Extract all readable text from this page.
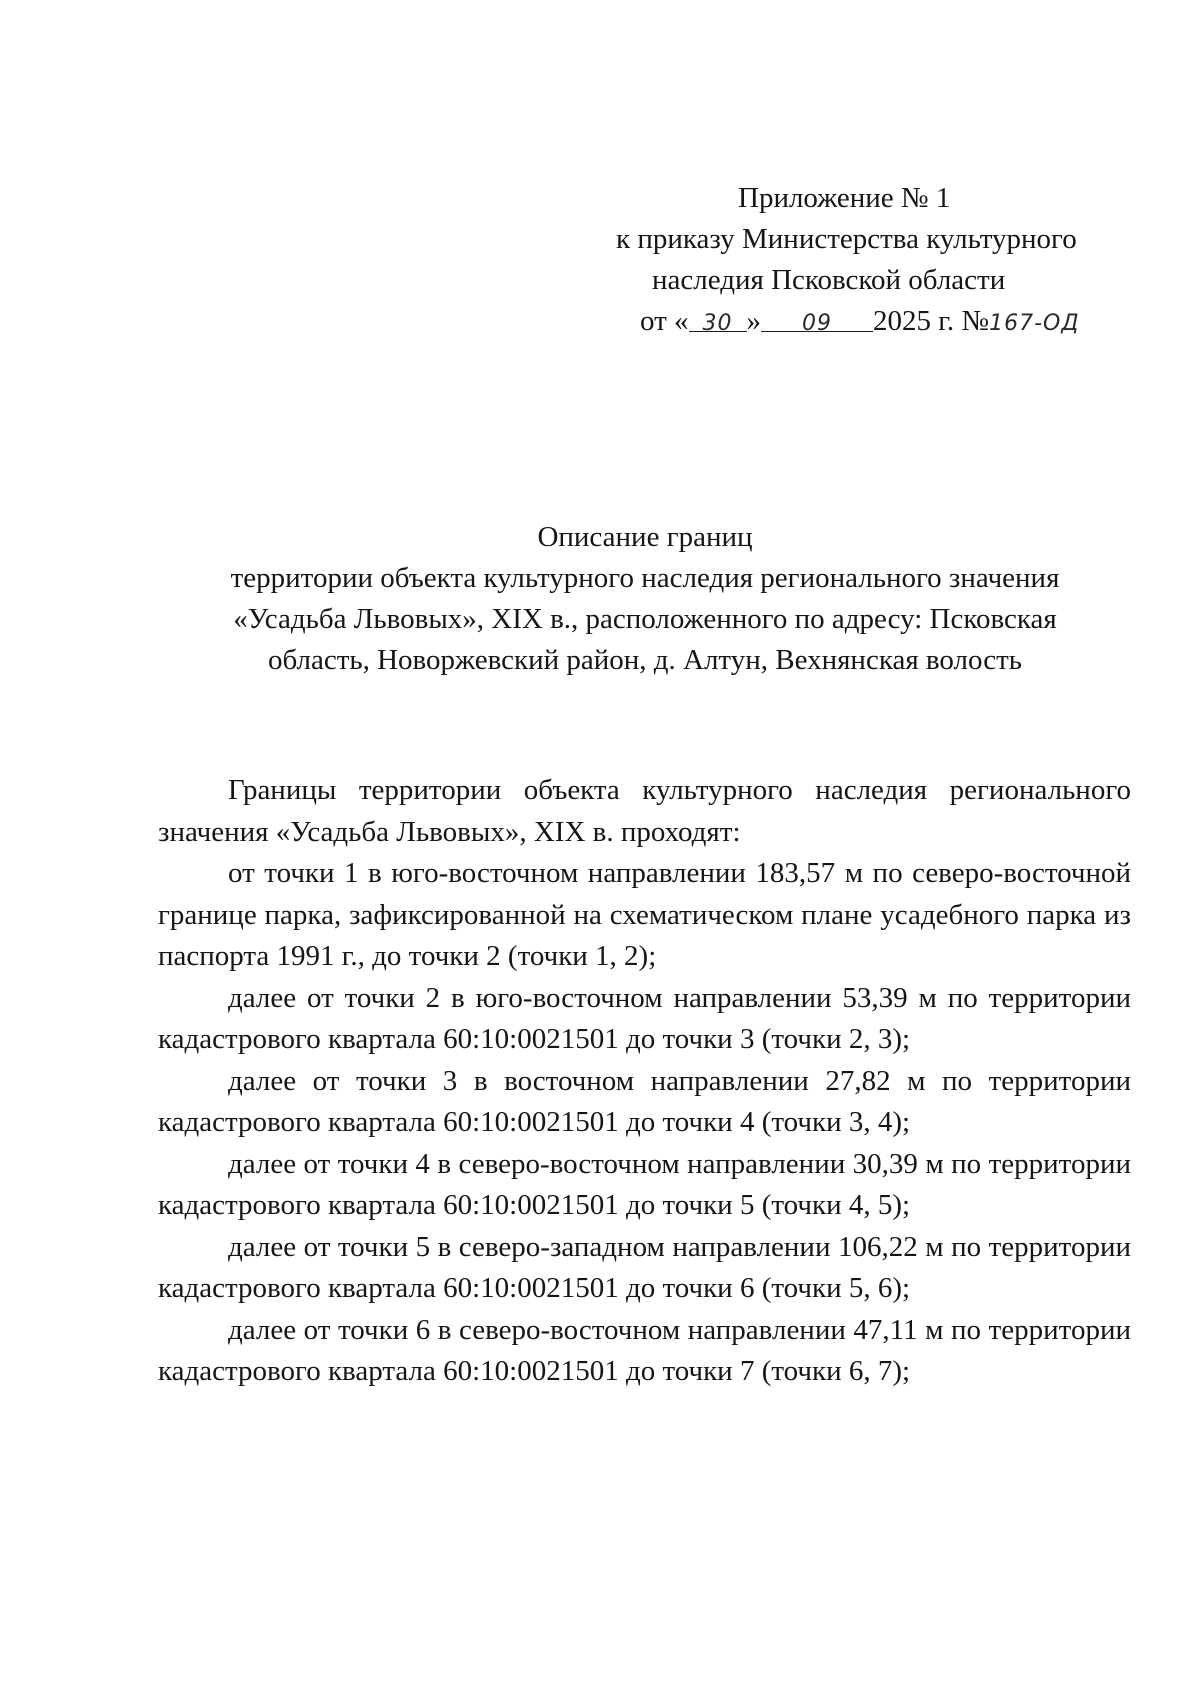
Приложение № 1
к приказу Министерства культурного
наследия Псковской области
от « 30 » 09 2025 г. №167-ОД
Описание границ
территории объекта культурного наследия регионального значения
«Усадьба Львовых», XIX в., расположенного по адресу: Псковская
область, Новоржевский район, д. Алтун, Вехнянская волость

Границы территории объекта культурного наследия регионального значения «Усадьба Львовых», XIX в. проходят:

от точки 1 в юго-восточном направлении 183,57 м по северо-восточной границе парка, зафиксированной на схематическом плане усадебного парка из паспорта 1991 г., до точки 2 (точки 1, 2);

далее от точки 2 в юго-восточном направлении 53,39 м по территории кадастрового квартала 60:10:0021501 до точки 3 (точки 2, 3);

далее от точки 3 в восточном направлении 27,82 м по территории кадастрового квартала 60:10:0021501 до точки 4 (точки 3, 4);

далее от точки 4 в северо-восточном направлении 30,39 м по территории кадастрового квартала 60:10:0021501 до точки 5 (точки 4, 5);

далее от точки 5 в северо-западном направлении 106,22 м по территории кадастрового квартала 60:10:0021501 до точки 6 (точки 5, 6);

далее от точки 6 в северо-восточном направлении 47,11 м по территории кадастрового квартала 60:10:0021501 до точки 7 (точки 6, 7);
